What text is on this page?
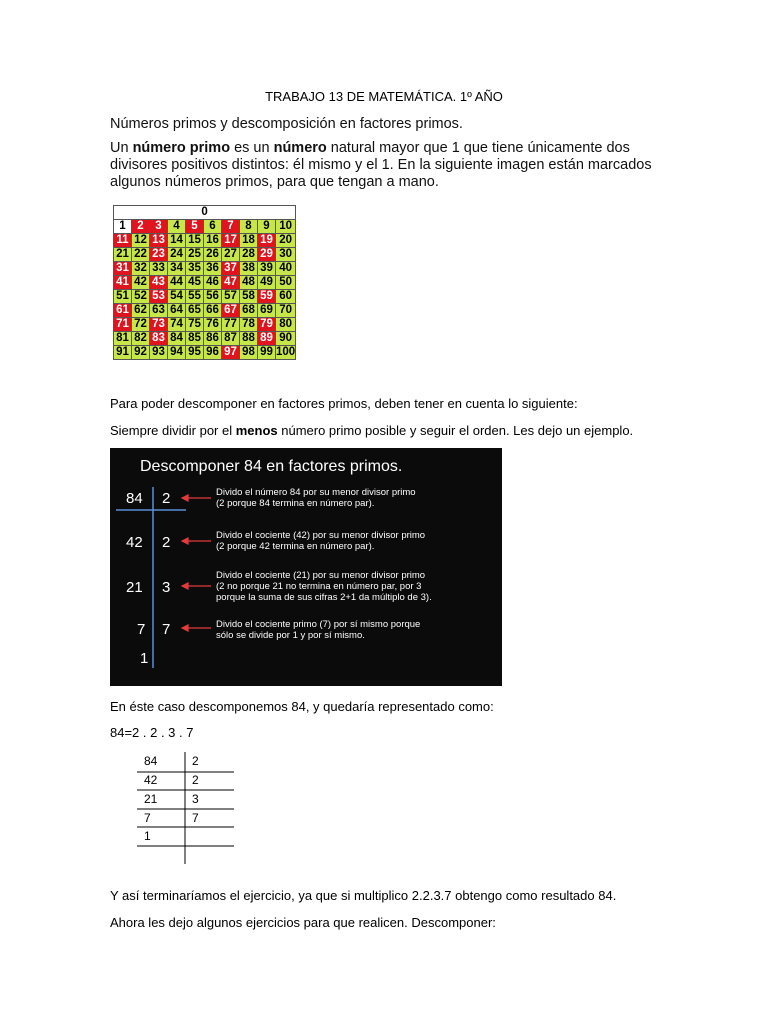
TRABAJO 13 DE MATEMÁTICA. 1º AÑO

Números primos y descomposición en factores primos.

Un número primo es un número natural mayor que 1 que tiene únicamente dos divisores positivos distintos: él mismo y el 1. En la siguiente imagen están marcados algunos números primos, para que tengan a mano.

0									
1	2	3	4	5	6	7	8	9	10
11	12	13	14	15	16	17	18	19	20
21	22	23	24	25	26	27	28	29	30
31	32	33	34	35	36	37	38	39	40
41	42	43	44	45	46	47	48	49	50
51	52	53	54	55	56	57	58	59	60
61	62	63	64	65	66	67	68	69	70
71	72	73	74	75	76	77	78	79	80
81	82	83	84	85	86	87	88	89	90
91	92	93	94	95	96	97	98	99	100

Para poder descomponer en factores primos, deben tener en cuenta lo siguiente:

Siempre dividir por el menos número primo posible y seguir el orden. Les dejo un ejemplo.

Descomponer 84 en factores primos.
84 2
42 2
21 3
7 7
1
Divido el número 84 por su menor divisor primo
(2 porque 84 termina en número par).
Divido el cociente (42) por su menor divisor primo
(2 porque 42 termina en número par).
Divido el cociente (21) por su menor divisor primo
(2 no porque 21 no termina en número par, por 3
porque la suma de sus cifras 2+1 da múltiplo de 3).
Divido el cociente primo (7) por sí mismo porque
sólo se divide por 1 y por sí mismo.

En éste caso descomponemos 84, y quedaría representado como:

84=2 . 2 . 3 . 7

84	2
42	2
21	3
7	7
1

Y así terminaríamos el ejercicio, ya que si multiplico 2.2.3.7 obtengo como resultado 84.

Ahora les dejo algunos ejercicios para que realicen. Descomponer:
